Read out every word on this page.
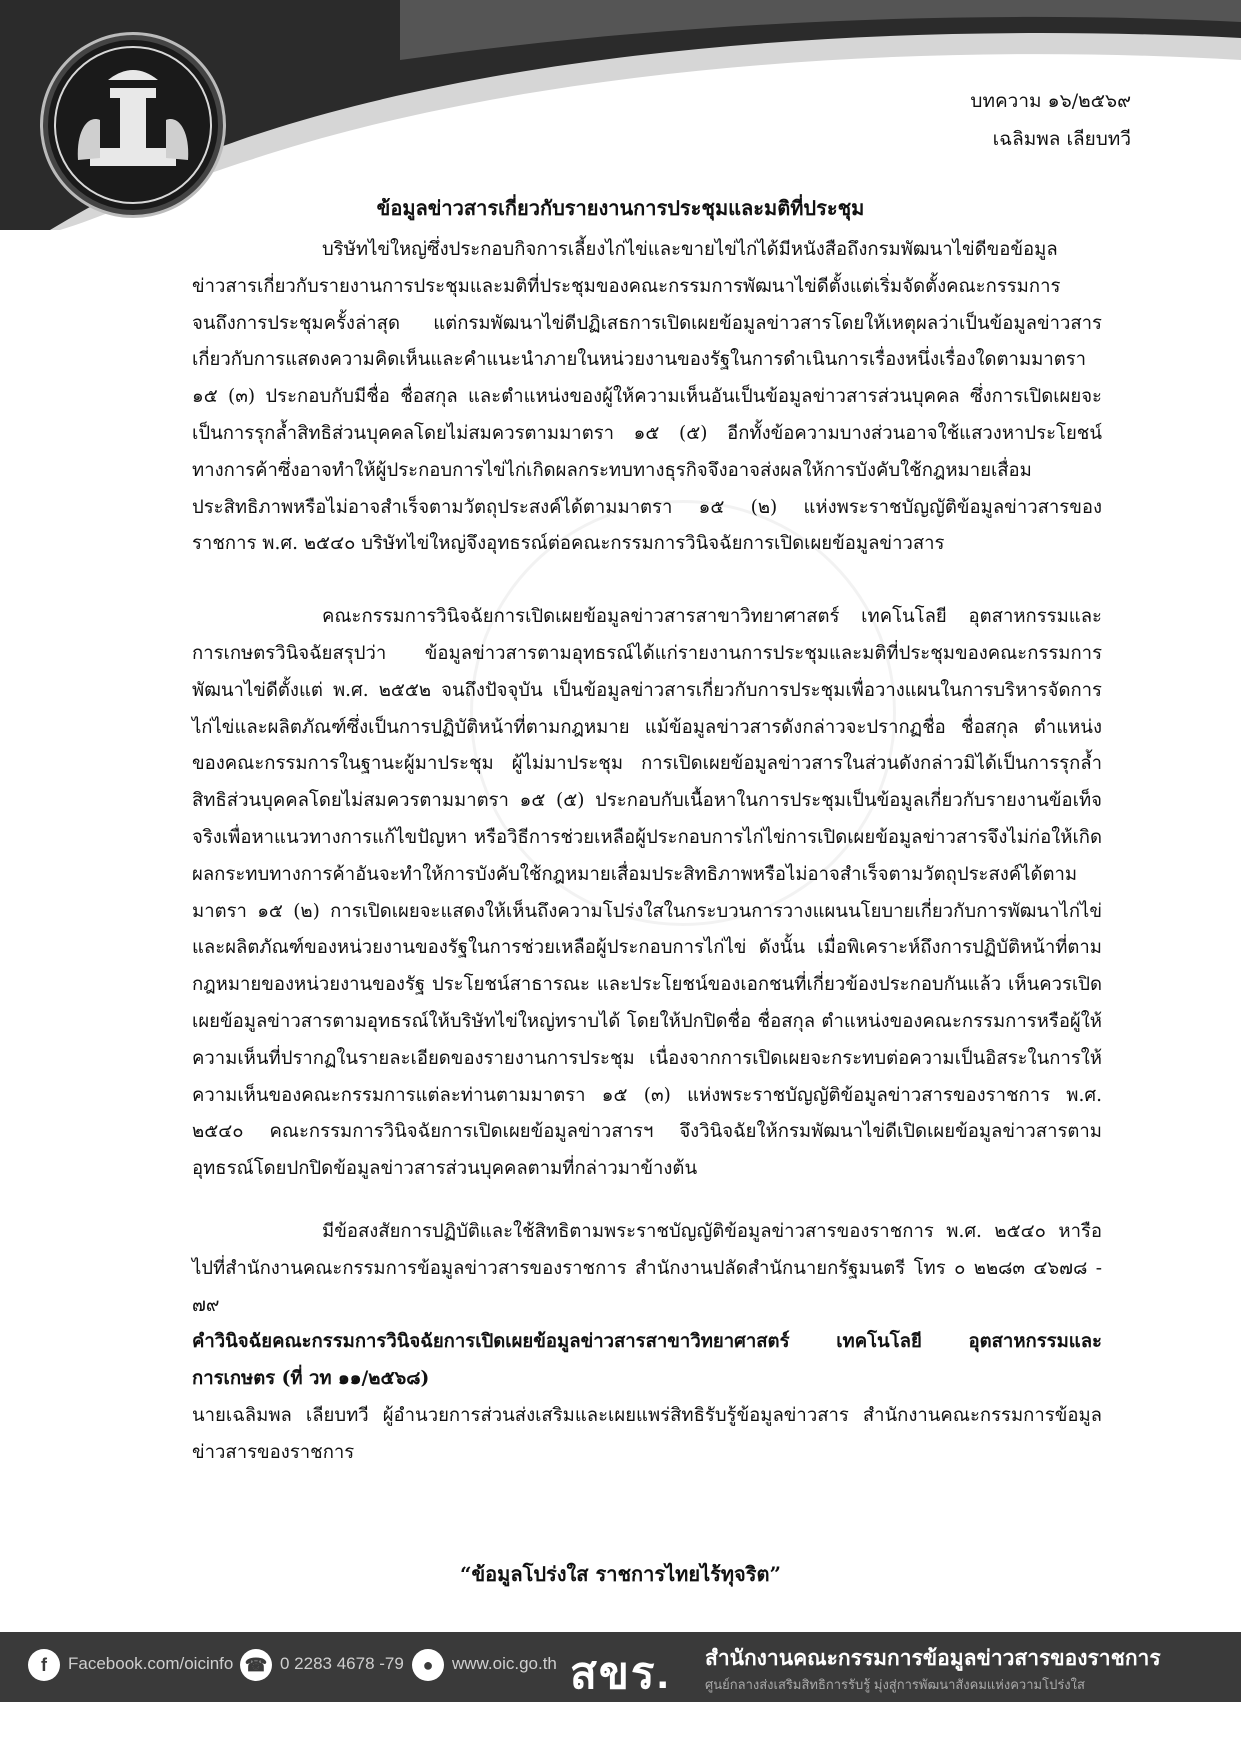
บทความ ๑๖/๒๕๖๙
เฉลิมพล เลียบทวี
ข้อมูลข่าวสารเกี่ยวกับรายงานการประชุมและมติที่ประชุม

บริษัทไข่ใหญ่ซึ่งประกอบกิจการเลี้ยงไก่ไข่และขายไข่ไก่ได้มีหนังสือถึงกรมพัฒนาไข่ดีขอข้อมูลข่าวสารเกี่ยวกับรายงานการประชุมและมติที่ประชุมของคณะกรรมการพัฒนาไข่ดีตั้งแต่เริ่มจัดตั้งคณะกรรมการจนถึงการประชุมครั้งล่าสุด แต่กรมพัฒนาไข่ดีปฏิเสธการเปิดเผยข้อมูลข่าวสารโดยให้เหตุผลว่าเป็นข้อมูลข่าวสารเกี่ยวกับการแสดงความคิดเห็นและคำแนะนำภายในหน่วยงานของรัฐในการดำเนินการเรื่องหนึ่งเรื่องใดตามมาตรา ๑๕ (๓) ประกอบกับมีชื่อ ชื่อสกุล และตำแหน่งของผู้ให้ความเห็นอันเป็นข้อมูลข่าวสารส่วนบุคคล ซึ่งการเปิดเผยจะเป็นการรุกล้ำสิทธิส่วนบุคคลโดยไม่สมควรตามมาตรา ๑๕ (๕) อีกทั้งข้อความบางส่วนอาจใช้แสวงหาประโยชน์ทางการค้าซึ่งอาจทำให้ผู้ประกอบการไข่ไก่เกิดผลกระทบทางธุรกิจจึงอาจส่งผลให้การบังคับใช้กฎหมายเสื่อมประสิทธิภาพหรือไม่อาจสำเร็จตามวัตถุประสงค์ได้ตามมาตรา ๑๕ (๒) แห่งพระราชบัญญัติข้อมูลข่าวสารของราชการ พ.ศ. ๒๕๔๐ บริษัทไข่ใหญ่จึงอุทธรณ์ต่อคณะกรรมการวินิจฉัยการเปิดเผยข้อมูลข่าวสาร

คณะกรรมการวินิจฉัยการเปิดเผยข้อมูลข่าวสารสาขาวิทยาศาสตร์ เทคโนโลยี อุตสาหกรรมและการเกษตรวินิจฉัยสรุปว่า ข้อมูลข่าวสารตามอุทธรณ์ได้แก่รายงานการประชุมและมติที่ประชุมของคณะกรรมการพัฒนาไข่ดีตั้งแต่ พ.ศ. ๒๕๕๒ จนถึงปัจจุบัน เป็นข้อมูลข่าวสารเกี่ยวกับการประชุมเพื่อวางแผนในการบริหารจัดการไก่ไข่และผลิตภัณฑ์ซึ่งเป็นการปฏิบัติหน้าที่ตามกฎหมาย แม้ข้อมูลข่าวสารดังกล่าวจะปรากฏชื่อ ชื่อสกุล ตำแหน่งของคณะกรรมการในฐานะผู้มาประชุม ผู้ไม่มาประชุม การเปิดเผยข้อมูลข่าวสารในส่วนดังกล่าวมิได้เป็นการรุกล้ำสิทธิส่วนบุคคลโดยไม่สมควรตามมาตรา ๑๕ (๕) ประกอบกับเนื้อหาในการประชุมเป็นข้อมูลเกี่ยวกับรายงานข้อเท็จจริงเพื่อหาแนวทางการแก้ไขปัญหา หรือวิธีการช่วยเหลือผู้ประกอบการไก่ไข่การเปิดเผยข้อมูลข่าวสารจึงไม่ก่อให้เกิดผลกระทบทางการค้าอันจะทำให้การบังคับใช้กฎหมายเสื่อมประสิทธิภาพหรือไม่อาจสำเร็จตามวัตถุประสงค์ได้ตามมาตรา ๑๕ (๒) การเปิดเผยจะแสดงให้เห็นถึงความโปร่งใสในกระบวนการวางแผนนโยบายเกี่ยวกับการพัฒนาไก่ไข่และผลิตภัณฑ์ของหน่วยงานของรัฐในการช่วยเหลือผู้ประกอบการไก่ไข่ ดังนั้น เมื่อพิเคราะห์ถึงการปฏิบัติหน้าที่ตามกฎหมายของหน่วยงานของรัฐ ประโยชน์สาธารณะ และประโยชน์ของเอกชนที่เกี่ยวข้องประกอบกันแล้ว เห็นควรเปิดเผยข้อมูลข่าวสารตามอุทธรณ์ให้บริษัทไข่ใหญ่ทราบได้ โดยให้ปกปิดชื่อ ชื่อสกุล ตำแหน่งของคณะกรรมการหรือผู้ให้ความเห็นที่ปรากฏในรายละเอียดของรายงานการประชุม เนื่องจากการเปิดเผยจะกระทบต่อความเป็นอิสระในการให้ความเห็นของคณะกรรมการแต่ละท่านตามมาตรา ๑๕ (๓) แห่งพระราชบัญญัติข้อมูลข่าวสารของราชการ พ.ศ. ๒๕๔๐ คณะกรรมการวินิจฉัยการเปิดเผยข้อมูลข่าวสารฯ จึงวินิจฉัยให้กรมพัฒนาไข่ดีเปิดเผยข้อมูลข่าวสารตามอุทธรณ์โดยปกปิดข้อมูลข่าวสารส่วนบุคคลตามที่กล่าวมาข้างต้น

มีข้อสงสัยการปฏิบัติและใช้สิทธิตามพระราชบัญญัติข้อมูลข่าวสารของราชการ พ.ศ. ๒๕๔๐ หารือไปที่สำนักงานคณะกรรมการข้อมูลข่าวสารของราชการ สำนักงานปลัดสำนักนายกรัฐมนตรี โทร ๐ ๒๒๘๓ ๔๖๗๘ - ๗๙

คำวินิจฉัยคณะกรรมการวินิจฉัยการเปิดเผยข้อมูลข่าวสารสาขาวิทยาศาสตร์ เทคโนโลยี อุตสาหกรรมและการเกษตร (ที่ วท ๑๑/๒๕๖๘)

นายเฉลิมพล เลียบทวี ผู้อำนวยการส่วนส่งเสริมและเผยแพร่สิทธิรับรู้ข้อมูลข่าวสาร สำนักงานคณะกรรมการข้อมูลข่าวสารของราชการ

“ข้อมูลโปร่งใส ราชการไทยไร้ทุจริต”
f	Facebook.com/oicinfo ☎ 0 2283 4678 -79	●	www.oic.go.th สขร. สำนักงานคณะกรรมการข้อมูลข่าวสารของราชการ
ศูนย์กลางส่งเสริมสิทธิการรับรู้ มุ่งสู่การพัฒนาสังคมแห่งความโปร่งใส
